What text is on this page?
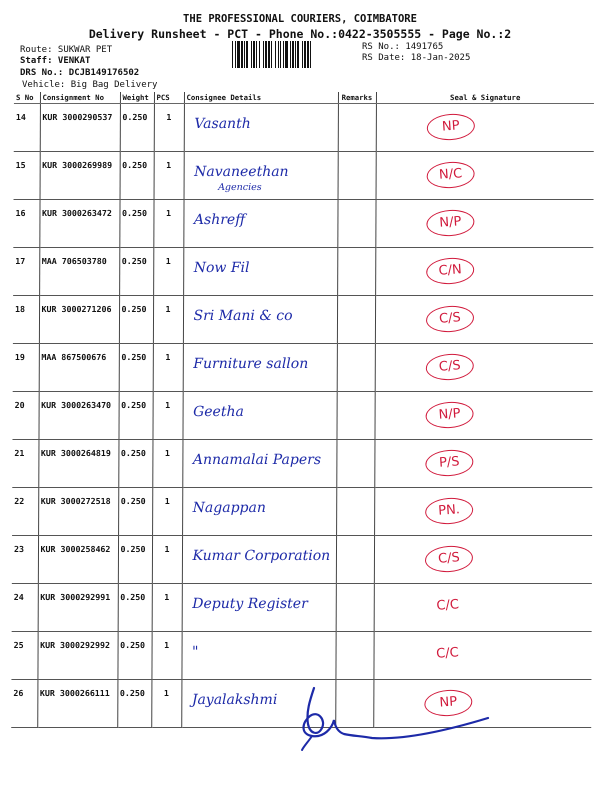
THE PROFESSIONAL COURIERS, COIMBATORE
Delivery Runsheet - PCT - Phone No.:0422-3505555 - Page No.:2
Route: SUKWAR PET
Staff: VENKAT
DRS No.: DCJB149176502
Vehicle: Big Bag Delivery
RS No.: 1491765
RS Date: 18-Jan-2025
S No	Consignment No	Weight	PCS	Consignee Details	Remarks	Seal & Signature
14	KUR 3000290537	0.250	1	Vasanth		NP

15	KUR 3000269989	0.250	1	Navaneethan
Agencies		N/C

16	KUR 3000263472	0.250	1	Ashreff		N/P

17	MAA 706503780	0.250	1	Now Fil		C/N

18	KUR 3000271206	0.250	1	Sri Mani & co		C/S

19	MAA 867500676	0.250	1	Furniture sallon		C/S

20	KUR 3000263470	0.250	1	Geetha		N/P

21	KUR 3000264819	0.250	1	Annamalai Papers		P/S

22	KUR 3000272518	0.250	1	Nagappan		PN.

23	KUR 3000258462	0.250	1	Kumar Corporation		C/S

24	KUR 3000292991	0.250	1	Deputy Register		C/C

25	KUR 3000292992	0.250	1	"		C/C

26	KUR 3000266111	0.250	1	Jayalakshmi		NP
